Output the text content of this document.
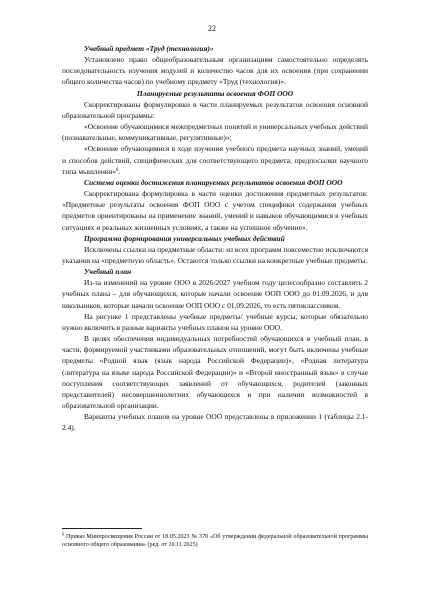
22

Учебный предмет «Труд (технология)»

Установлено право общеобразовательным организациям самостоятельно определять последовательность изучения модулей и количество часов для их освоения (при сохранении общего количества часов) по учебному предмету «Труд (технология)».

Планируемые результаты освоения ФОП ООО

Скорректированы формулировки в части планируемых результатов освоения основной образовательной программы:

«Освоение обучающимися межпредметных понятий и универсальных учебных действий (познавательные, коммуникативные, регулятивные)»;

«Освоение обучающимися в ходе изучения учебного предмета научных знаний, умений и способов действий, специфических для соответствующего предмета; предпосылки научного типа мышления»$^6$.

Система оценки достижения планируемых результатов освоения ФОП ООО

Скорректирована формулировка в части оценки достижения предметных результатов: «Предметные результаты освоения ФОП ООО с учетом специфики содержания учебных предметов ориентированы на применение знаний, умений и навыков обучающимися в учебных ситуациях и реальных жизненных условиях, а также на успешное обучение».

Программа формирования универсальных учебных действий

Исключены ссылки на предметные области: из всех программ повсеместно исключаются указания на «предметную область». Остаются только ссылки на конкретные учебные предметы.

Учебный план

Из-за изменений на уровне ООО в 2026/2027 учебном году целесообразно составлять 2 учебных плана – для обучающихся, которые начали освоение ООП ООО до 01.09.2026, и для школьников, которые начали освоение ООП ООО с 01.09.2026, то есть пятиклассников.

На рисунке 1 представлены учебные предметы/ учебные курсы, которые обязательно нужно включить в разные варианты учебных планов на уровне ООО.

В целях обеспечения индивидуальных потребностей обучающихся в учебный план, в части, формируемой участниками образовательных отношений, могут быть включены учебные предметы «Родной язык (язык народа Российской Федерации)», «Родная литература (литература на языке народа Российской Федерации)» и «Второй иностранный язык» в случае поступления соответствующих заявлений от обучающихся, родителей (законных представителей) несовершеннолетних обучающихся и при наличии возможностей в образовательной организации.

Варианты учебных планов на уровне ООО представлены в приложении 1 (таблицы 2.1-2.4).

$^6$ Приказ Минпросвещения России от 18.05.2023 № 370 «Об утверждении федеральной образовательной программы основного общего образования» (ред. от 10.11.2025)
